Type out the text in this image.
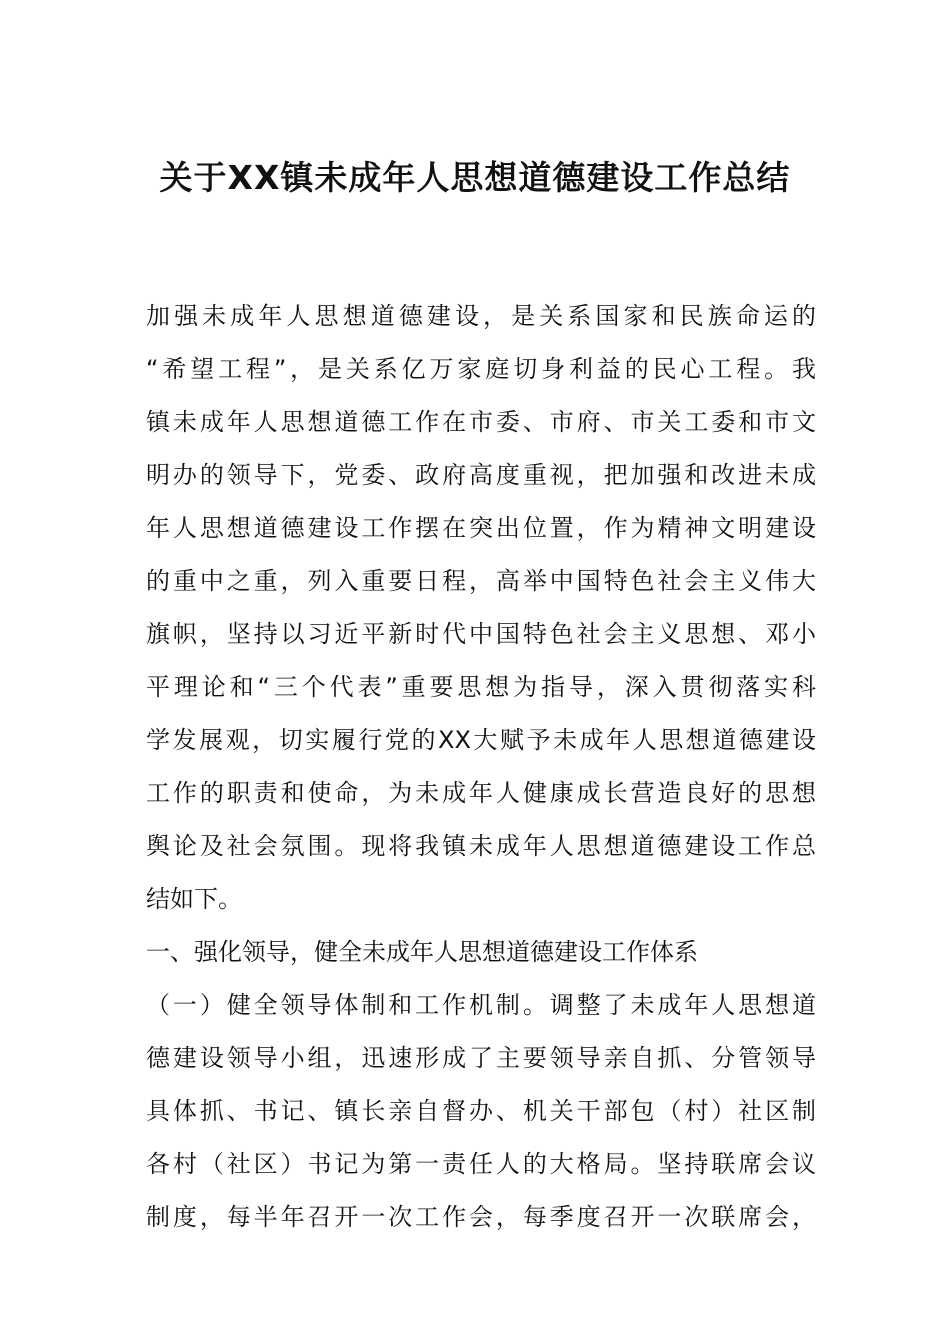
关于XX镇未成年人思想道德建设工作总结
加强未成年人思想道德建设，是关系国家和民族命运的
“希望工程”，是关系亿万家庭切身利益的民心工程。我
镇未成年人思想道德工作在市委、市府、市关工委和市文
明办的领导下，党委、政府高度重视，把加强和改进未成
年人思想道德建设工作摆在突出位置，作为精神文明建设
的重中之重，列入重要日程，高举中国特色社会主义伟大
旗帜，坚持以习近平新时代中国特色社会主义思想、邓小
平理论和“三个代表”重要思想为指导，深入贯彻落实科
学发展观，切实履行党的XX大赋予未成年人思想道德建设
工作的职责和使命，为未成年人健康成长营造良好的思想
舆论及社会氛围。现将我镇未成年人思想道德建设工作总
结如下。
一、强化领导，健全未成年人思想道德建设工作体系
（一）健全领导体制和工作机制。调整了未成年人思想道
德建设领导小组，迅速形成了主要领导亲自抓、分管领导
具体抓、书记、镇长亲自督办、机关干部包（村）社区制
各村（社区）书记为第一责任人的大格局。坚持联席会议
制度，每半年召开一次工作会，每季度召开一次联席会，
